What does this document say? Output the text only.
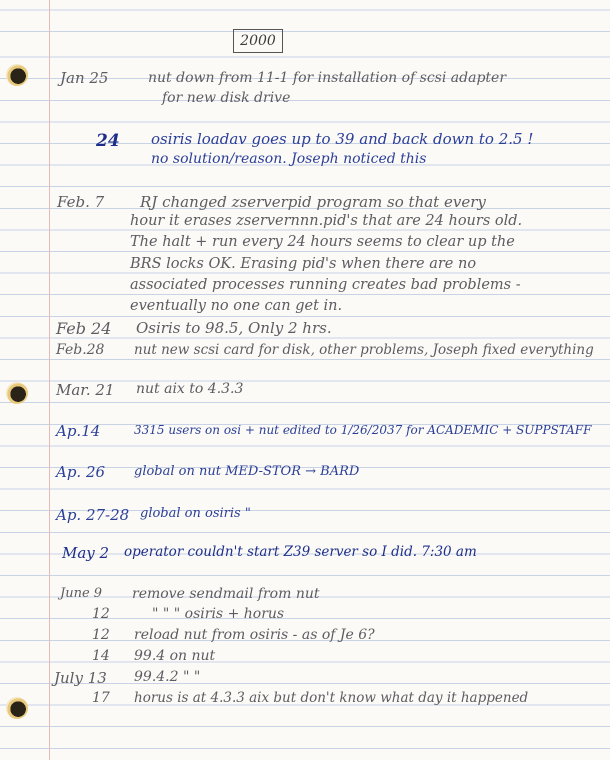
2000
Jan 25	nut down from 11-1 for installation of scsi adapter
for new disk drive
24 osiris loadav goes up to 39 and back down to 2.5 !
no solution/reason. Joseph noticed this
Feb. 7 RJ changed zserverpid program so that every
hour it erases zservernnn.pid's that are 24 hours old.
The halt + run every 24 hours seems to clear up the
BRS locks OK. Erasing pid's when there are no
associated processes running creates bad problems -
eventually no one can get in.
Feb 24 Osiris to 98.5, Only 2 hrs.
Feb.28 nut new scsi card for disk, other problems, Joseph fixed everything
Mar. 21 nut aix to 4.3.3
Ap.14	3315 users on osi + nut edited to 1/26/2037 for ACADEMIC + SUPPSTAFF
Ap. 26 global on nut MED-STOR → BARD
Ap. 27-28 global on osiris "
May 2 operator couldn't start Z39 server so I did. 7:30 am
June 9 remove sendmail from nut
12	" " " osiris + horus
12 reload nut from osiris - as of Je 6?
14 99.4 on nut
July 13 99.4.2 " "
17 horus is at 4.3.3 aix but don't know what day it happened
